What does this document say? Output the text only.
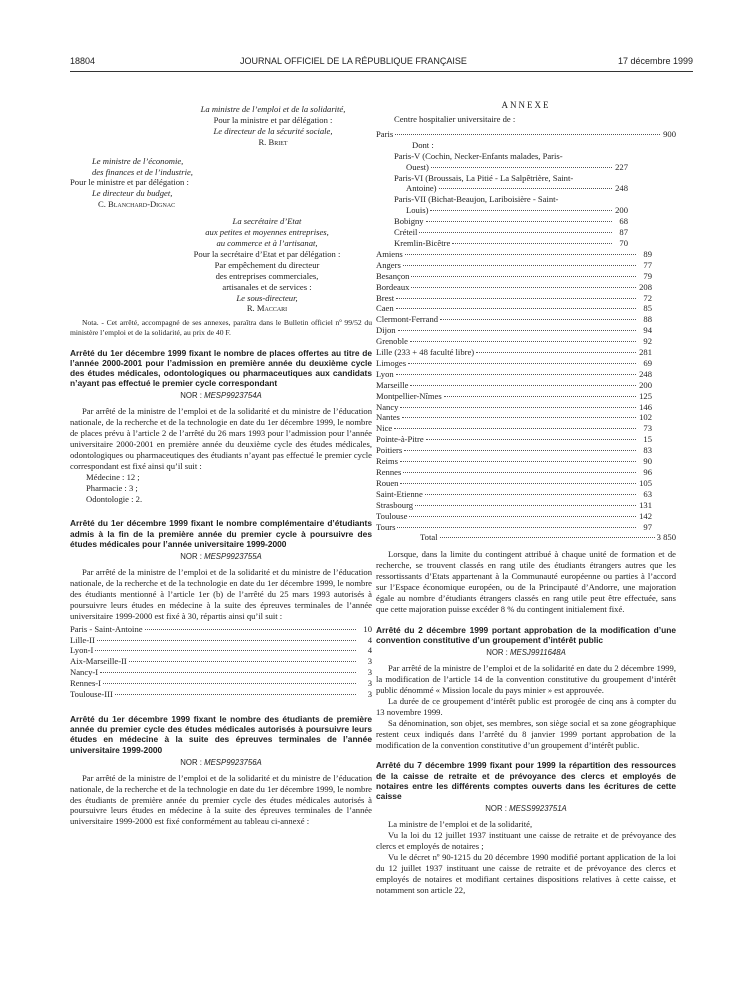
18804	JOURNAL OFFICIEL DE LA RÉPUBLIQUE FRANÇAISE	17 décembre 1999
La ministre de l’emploi et de la solidarité,
Pour la ministre et par délégation :
Le directeur de la sécurité sociale,
R. Briet
Le ministre de l’économie,
des finances et de l’industrie,
Pour le ministre et par délégation :
Le directeur du budget,
C. Blanchard-Dignac
La secrétaire d’Etat
aux petites et moyennes entreprises,
au commerce et à l’artisanat,
Pour la secrétaire d’Etat et par délégation :
Par empêchement du directeur
des entreprises commerciales,
artisanales et de services :
Le sous-directeur,
R. Maccari

Nota. - Cet arrêté, accompagné de ses annexes, paraîtra dans le Bulletin officiel nº 99/52 du ministère l’emploi et de la solidarité, au prix de 40 F.

Arrêté du 1er décembre 1999 fixant le nombre de places offertes au titre de l’année 2000-2001 pour l’admission en première année du deuxième cycle des études médicales, odontologiques ou pharmaceutiques aux candidats n’ayant pas effectué le premier cycle correspondant

NOR : MESP9923754A

Par arrêté de la ministre de l’emploi et de la solidarité et du ministre de l’éducation nationale, de la recherche et de la technologie en date du 1er décembre 1999, le nombre de places prévu à l’article 2 de l’arrêté du 26 mars 1993 pour l’admission pour l’année universitaire 2000-2001 en première année du deuxième cycle des études médicales, odontologiques ou pharmaceutiques des étudiants n’ayant pas effectué le premier cycle correspondant est fixé ainsi qu’il suit :

Médecine : 12 ;

Pharmacie : 3 ;

Odontologie : 2.

Arrêté du 1er décembre 1999 fixant le nombre complémentaire d’étudiants admis à la fin de la première année du premier cycle à poursuivre des études médicales pour l’année universitaire 1999-2000

NOR : MESP9923755A

Par arrêté de la ministre de l’emploi et de la solidarité et du ministre de l’éducation nationale, de la recherche et de la technologie en date du 1er décembre 1999, le nombre des étudiants mentionné à l’article 1er (b) de l’arrêté du 25 mars 1993 autorisés à poursuivre leurs études en médecine à la suite des épreuves terminales de l’année universitaire 1999-2000 est fixé à 30, répartis ainsi qu’il suit :

Paris - Saint-Antoine	10
Lille-II	4
Lyon-I	4
Aix-Marseille-II	3
Nancy-I	3
Rennes-I	3
Toulouse-III	3

Arrêté du 1er décembre 1999 fixant le nombre des étudiants de première année du premier cycle des études médicales autorisés à poursuivre leurs études en médecine à la suite des épreuves terminales de l’année universitaire 1999-2000

NOR : MESP9923756A

Par arrêté de la ministre de l’emploi et de la solidarité et du ministre de l’éducation nationale, de la recherche et de la technologie en date du 1er décembre 1999, le nombre des étudiants de première année du premier cycle des études médicales autorisés à poursuivre leurs études en médecine à la suite des épreuves terminales de l’année universitaire 1999-2000 est fixé conformément au tableau ci-annexé :

ANNEXE

Centre hospitalier universitaire de :

Paris	900
Dont :
Paris-V (Cochin, Necker-Enfants malades, Paris-
Ouest)	227
Paris-VI (Broussais, La Pitié - La Salpêtrière, Saint-
Antoine)	248
Paris-VII (Bichat-Beaujon, Lariboisière - Saint-
Louis)	200
Bobigny	68
Créteil	87
Kremlin-Bicêtre	70
Amiens	89
Angers	77
Besançon	79
Bordeaux	208
Brest	72
Caen	85
Clermont-Ferrand	88
Dijon	94
Grenoble	92
Lille (233 + 48 faculté libre)	281
Limoges	69
Lyon	248
Marseille	200
Montpellier-Nîmes	125
Nancy	146
Nantes	102
Nice	73
Pointe-à-Pitre	15
Poitiers	83
Reims	90
Rennes	96
Rouen	105
Saint-Etienne	63
Strasbourg	131
Toulouse	142
Tours	97
Total	3 850

Lorsque, dans la limite du contingent attribué à chaque unité de formation et de recherche, se trouvent classés en rang utile des étudiants étrangers autres que les ressortissants d’Etats appartenant à la Communauté européenne ou parties à l’accord sur l’Espace économique européen, ou de la Principauté d’Andorre, une majoration égale au nombre d’étudiants étrangers classés en rang utile peut être effectuée, sans que cette majoration puisse excéder 8 % du contingent initialement fixé.

Arrêté du 2 décembre 1999 portant approbation de la modification d’une convention constitutive d’un groupement d’intérêt public

NOR : MESJ9911648A

Par arrêté de la ministre de l’emploi et de la solidarité en date du 2 décembre 1999, la modification de l’article 14 de la convention constitutive du groupement d’intérêt public dénommé « Mission locale du pays minier » est approuvée.

La durée de ce groupement d’intérêt public est prorogée de cinq ans à compter du 13 novembre 1999.

Sa dénomination, son objet, ses membres, son siège social et sa zone géographique restent ceux indiqués dans l’arrêté du 8 janvier 1999 portant approbation de la modification de la convention constitutive d’un groupement d’intérêt public.

Arrêté du 7 décembre 1999 fixant pour 1999 la répartition des ressources de la caisse de retraite et de prévoyance des clercs et employés de notaires entre les différents comptes ouverts dans les écritures de cette caisse

NOR : MESS9923751A

La ministre de l’emploi et de la solidarité,

Vu la loi du 12 juillet 1937 instituant une caisse de retraite et de prévoyance des clercs et employés de notaires ;

Vu le décret nº 90-1215 du 20 décembre 1990 modifié portant application de la loi du 12 juillet 1937 instituant une caisse de retraite et de prévoyance des clercs et employés de notaires et modifiant certaines dispositions relatives à cette caisse, et notamment son article 22,
